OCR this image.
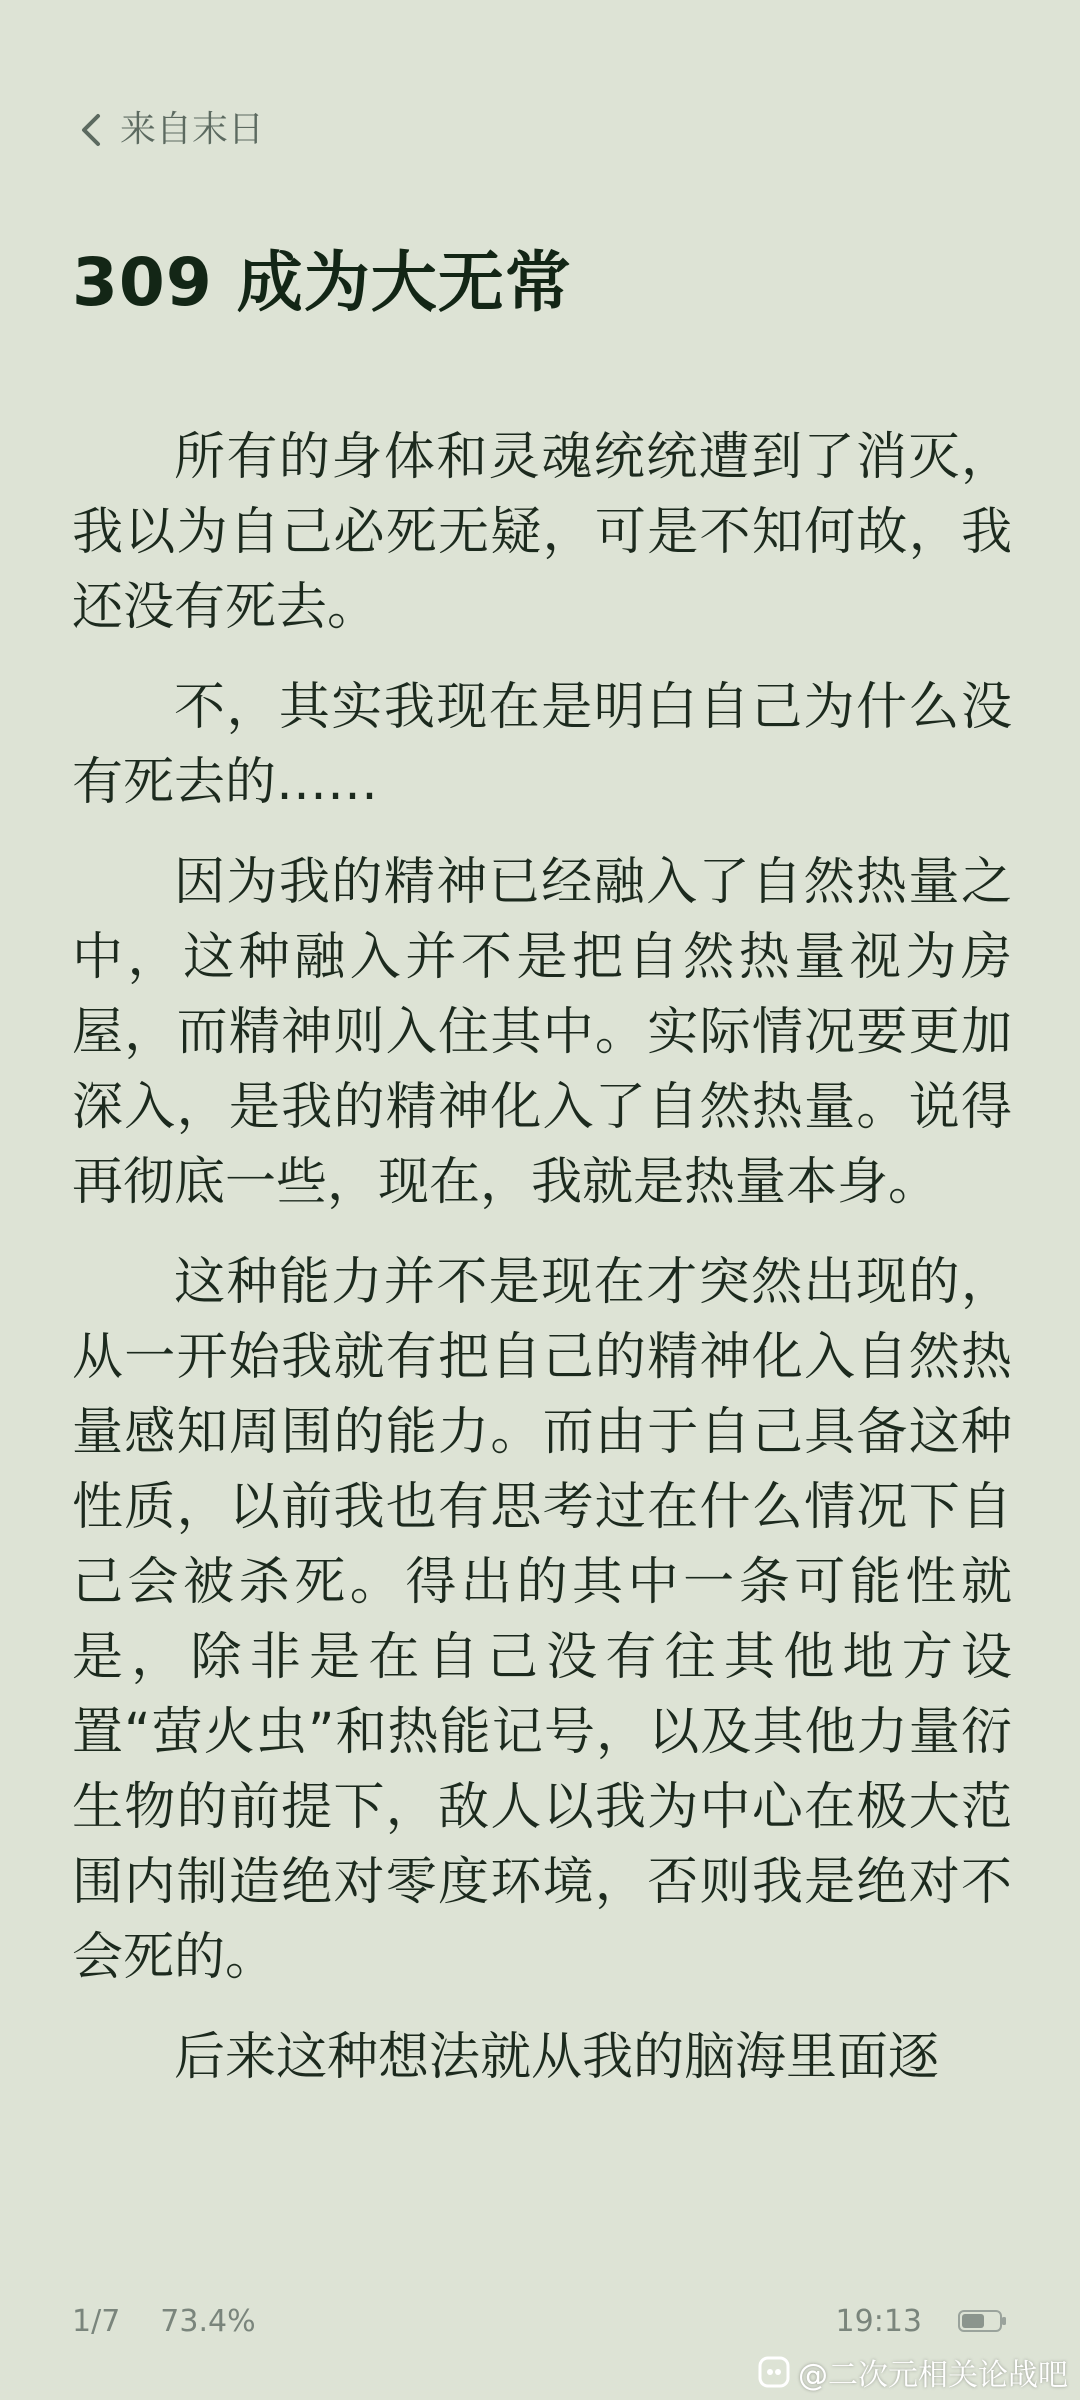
来自末日
309 成为大无常

所有的身体和灵魂统统遭到了消灭，我以为自己必死无疑，可是不知何故，我还没有死去。

不，其实我现在是明白自己为什么没有死去的……

因为我的精神已经融入了自然热量之中，这种融入并不是把自然热量视为房屋，而精神则入住其中。实际情况要更加深入，是我的精神化入了自然热量。说得再彻底一些，现在，我就是热量本身。

这种能力并不是现在才突然出现的，从一开始我就有把自己的精神化入自然热量感知周围的能力。而由于自己具备这种性质，以前我也有思考过在什么情况下自己会被杀死。得出的其中一条可能性就是，除非是在自己没有往其他地方设置“萤火虫”和热能记号，以及其他力量衍生物的前提下，敌人以我为中心在极大范围内制造绝对零度环境，否则我是绝对不会死的。

后来这种想法就从我的脑海里面逐

1/7 73.4%	19:13
@二次元相关论战吧
